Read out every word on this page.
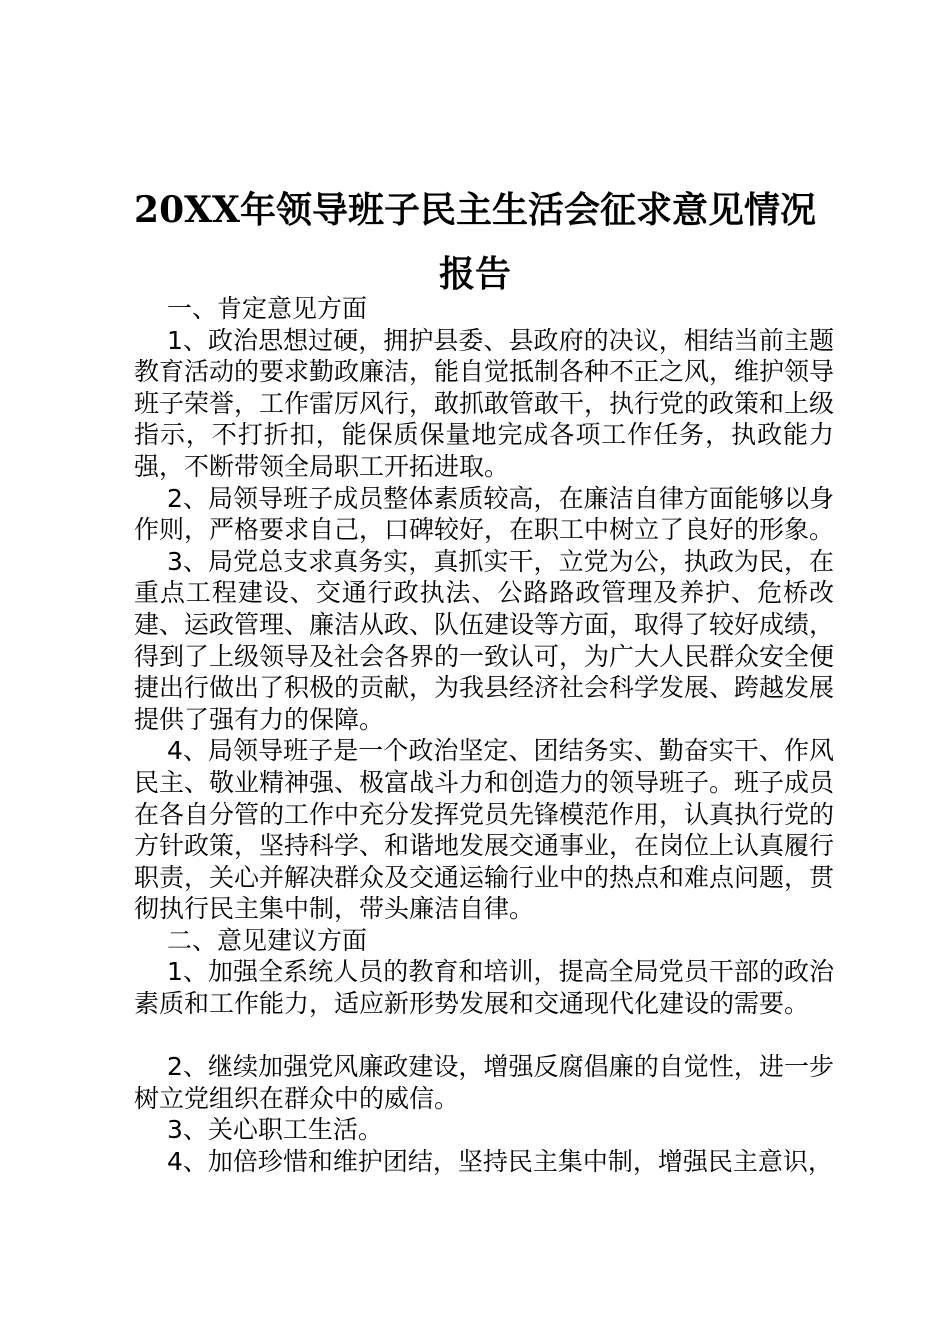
20XX年领导班子民主生活会征求意见情况报告

一、肯定意见方面

1、政治思想过硬，拥护县委、县政府的决议，相结当前主题教育活动的要求勤政廉洁，能自觉抵制各种不正之风，维护领导班子荣誉，工作雷厉风行，敢抓敢管敢干，执行党的政策和上级指示，不打折扣，能保质保量地完成各项工作任务，执政能力强，不断带领全局职工开拓进取。

2、局领导班子成员整体素质较高，在廉洁自律方面能够以身作则，严格要求自己，口碑较好，在职工中树立了良好的形象。

3、局党总支求真务实，真抓实干，立党为公，执政为民，在重点工程建设、交通行政执法、公路路政管理及养护、危桥改建、运政管理、廉洁从政、队伍建设等方面，取得了较好成绩，得到了上级领导及社会各界的一致认可，为广大人民群众安全便捷出行做出了积极的贡献，为我县经济社会科学发展、跨越发展提供了强有力的保障。

4、局领导班子是一个政治坚定、团结务实、勤奋实干、作风民主、敬业精神强、极富战斗力和创造力的领导班子。班子成员在各自分管的工作中充分发挥党员先锋模范作用，认真执行党的方针政策，坚持科学、和谐地发展交通事业，在岗位上认真履行职责，关心并解决群众及交通运输行业中的热点和难点问题，贯彻执行民主集中制，带头廉洁自律。

二、意见建议方面

1、加强全系统人员的教育和培训，提高全局党员干部的政治素质和工作能力，适应新形势发展和交通现代化建设的需要。

2、继续加强党风廉政建设，增强反腐倡廉的自觉性，进一步树立党组织在群众中的威信。

3、关心职工生活。

4、加倍珍惜和维护团结，坚持民主集中制，增强民主意识，
